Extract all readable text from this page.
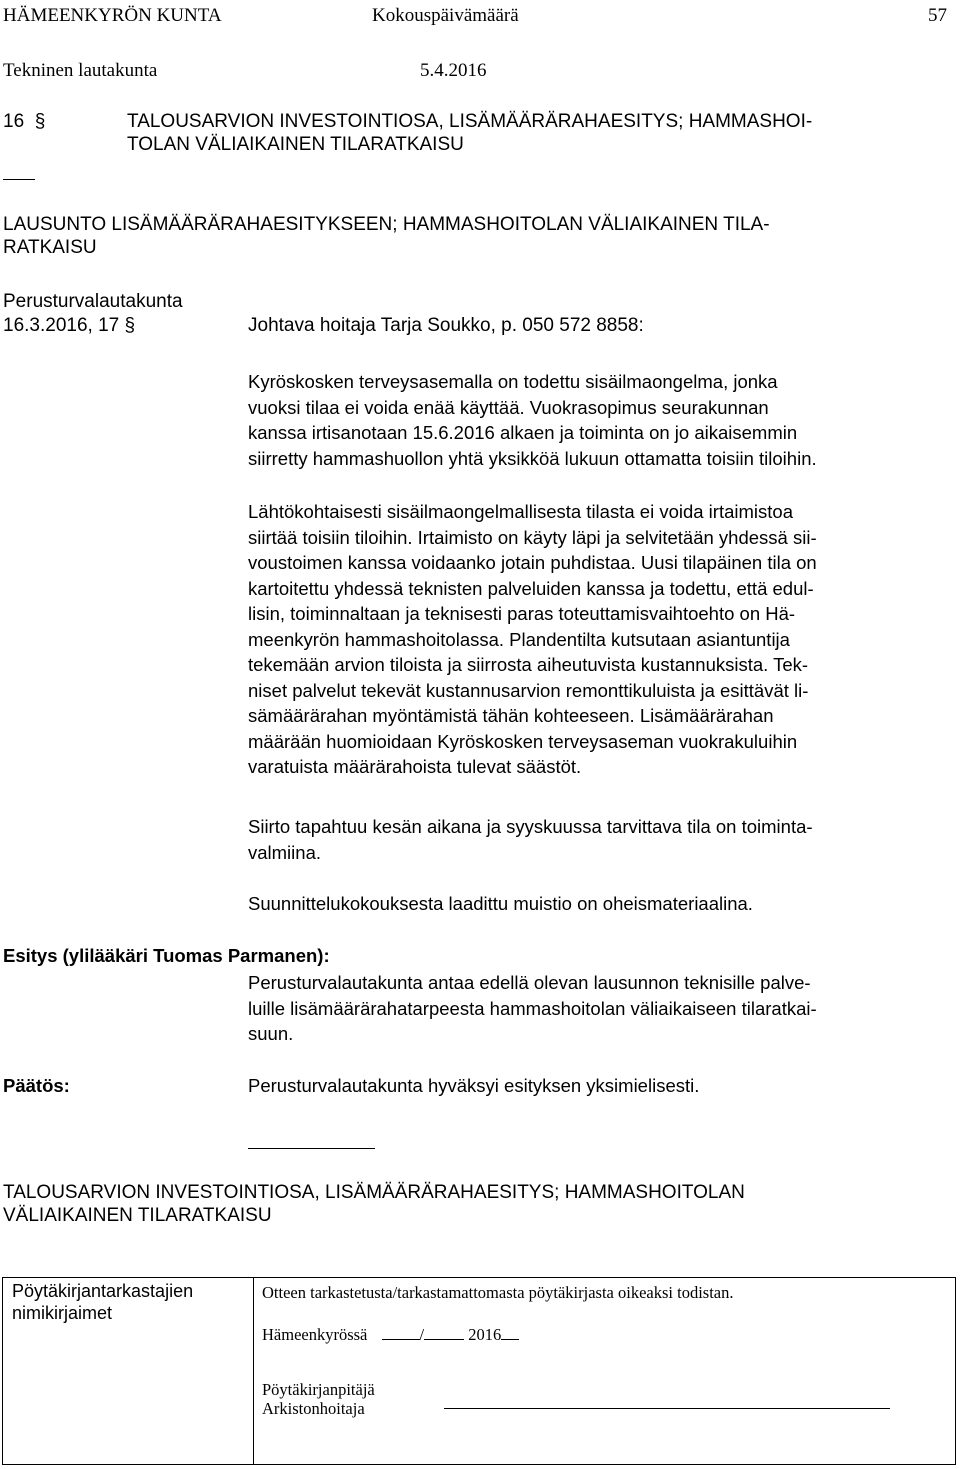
HÄMEENKYRÖN KUNTA	Kokouspäivämäärä	57
Tekninen lautakunta	5.4.2016
16 §	TALOUSARVION INVESTOINTIOSA, LISÄMÄÄRÄRAHAESITYS; HAMMASHOI-
TOLAN VÄLIAIKAINEN TILARATKAISU
LAUSUNTO LISÄMÄÄRÄRAHAESITYKSEEN; HAMMASHOITOLAN VÄLIAIKAINEN TILA-
RATKAISU
Perusturvalautakunta
16.3.2016, 17 §	Johtava hoitaja Tarja Soukko, p. 050 572 8858:
Kyröskosken terveysasemalla on todettu sisäilmaongelma, jonka
vuoksi tilaa ei voida enää käyttää. Vuokrasopimus seurakunnan
kanssa irtisanotaan 15.6.2016 alkaen ja toiminta on jo aikaisemmin
siirretty hammashuollon yhtä yksikköä lukuun ottamatta toisiin tiloihin.
Lähtökohtaisesti sisäilmaongelmallisesta tilasta ei voida irtaimistoa
siirtää toisiin tiloihin. Irtaimisto on käyty läpi ja selvitetään yhdessä sii-
voustoimen kanssa voidaanko jotain puhdistaa. Uusi tilapäinen tila on
kartoitettu yhdessä teknisten palveluiden kanssa ja todettu, että edul-
lisin, toiminnaltaan ja teknisesti paras toteuttamisvaihtoehto on Hä-
meenkyrön hammashoitolassa. Plandentilta kutsutaan asiantuntija
tekemään arvion tiloista ja siirrosta aiheutuvista kustannuksista. Tek-
niset palvelut tekevät kustannusarvion remonttikuluista ja esittävät li-
sämäärärahan myöntämistä tähän kohteeseen. Lisämäärärahan
määrään huomioidaan Kyröskosken terveysaseman vuokrakuluihin
varatuista määrärahoista tulevat säästöt.
Siirto tapahtuu kesän aikana ja syyskuussa tarvittava tila on toiminta-
valmiina.
Suunnittelukokouksesta laadittu muistio on oheismateriaalina.
Esitys (ylilääkäri Tuomas Parmanen):
Perusturvalautakunta antaa edellä olevan lausunnon teknisille palve-
luille lisämäärärahatarpeesta hammashoitolan väliaikaiseen tilaratkai-
suun.
Päätös:	Perusturvalautakunta hyväksyi esityksen yksimielisesti.
TALOUSARVION INVESTOINTIOSA, LISÄMÄÄRÄRAHAESITYS; HAMMASHOITOLAN
VÄLIAIKAINEN TILARATKAISU
Pöytäkirjantarkastajien
nimikirjaimet
Otteen tarkastetusta/tarkastamattomasta pöytäkirjasta oikeaksi todistan.
Hämeenkyrössä	/	2016
Pöytäkirjanpitäjä
Arkistonhoitaja
